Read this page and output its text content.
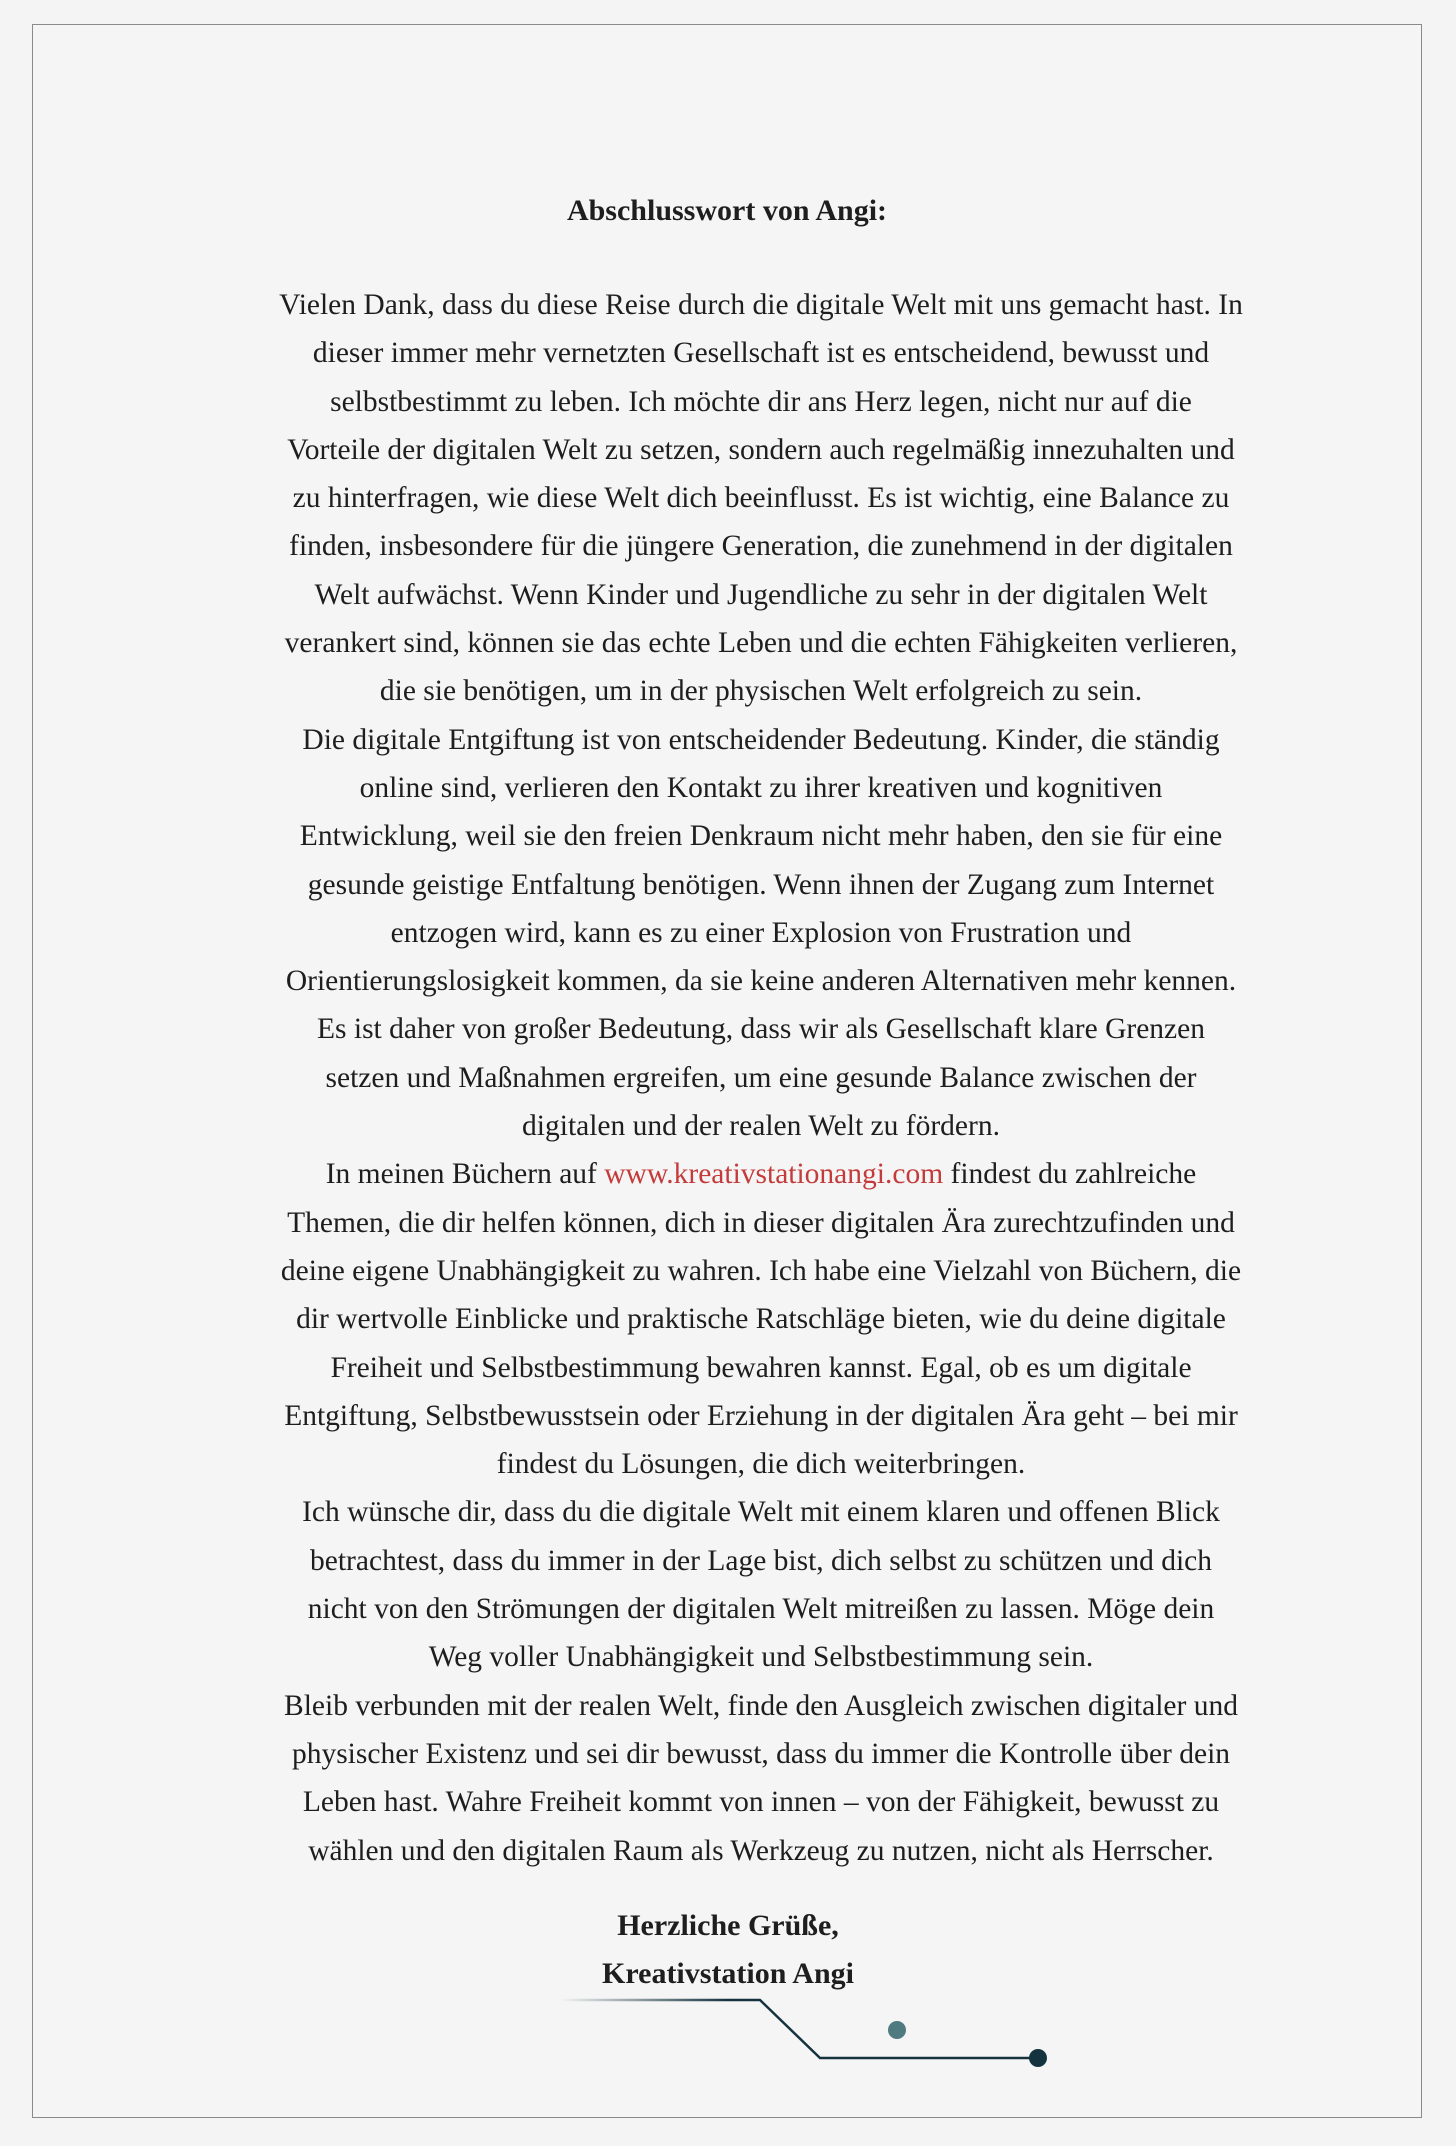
Abschlusswort von Angi:

Vielen Dank, dass du diese Reise durch die digitale Welt mit uns gemacht hast. In
dieser immer mehr vernetzten Gesellschaft ist es entscheidend, bewusst und
selbstbestimmt zu leben. Ich möchte dir ans Herz legen, nicht nur auf die
Vorteile der digitalen Welt zu setzen, sondern auch regelmäßig innezuhalten und
zu hinterfragen, wie diese Welt dich beeinflusst. Es ist wichtig, eine Balance zu
finden, insbesondere für die jüngere Generation, die zunehmend in der digitalen
Welt aufwächst. Wenn Kinder und Jugendliche zu sehr in der digitalen Welt
verankert sind, können sie das echte Leben und die echten Fähigkeiten verlieren,
die sie benötigen, um in der physischen Welt erfolgreich zu sein.

Die digitale Entgiftung ist von entscheidender Bedeutung. Kinder, die ständig
online sind, verlieren den Kontakt zu ihrer kreativen und kognitiven
Entwicklung, weil sie den freien Denkraum nicht mehr haben, den sie für eine
gesunde geistige Entfaltung benötigen. Wenn ihnen der Zugang zum Internet
entzogen wird, kann es zu einer Explosion von Frustration und
Orientierungslosigkeit kommen, da sie keine anderen Alternativen mehr kennen.
Es ist daher von großer Bedeutung, dass wir als Gesellschaft klare Grenzen
setzen und Maßnahmen ergreifen, um eine gesunde Balance zwischen der
digitalen und der realen Welt zu fördern.

In meinen Büchern auf www.kreativstationangi.com findest du zahlreiche
Themen, die dir helfen können, dich in dieser digitalen Ära zurechtzufinden und
deine eigene Unabhängigkeit zu wahren. Ich habe eine Vielzahl von Büchern, die
dir wertvolle Einblicke und praktische Ratschläge bieten, wie du deine digitale
Freiheit und Selbstbestimmung bewahren kannst. Egal, ob es um digitale
Entgiftung, Selbstbewusstsein oder Erziehung in der digitalen Ära geht – bei mir
findest du Lösungen, die dich weiterbringen.

Ich wünsche dir, dass du die digitale Welt mit einem klaren und offenen Blick
betrachtest, dass du immer in der Lage bist, dich selbst zu schützen und dich
nicht von den Strömungen der digitalen Welt mitreißen zu lassen. Möge dein
Weg voller Unabhängigkeit und Selbstbestimmung sein.

Bleib verbunden mit der realen Welt, finde den Ausgleich zwischen digitaler und
physischer Existenz und sei dir bewusst, dass du immer die Kontrolle über dein
Leben hast. Wahre Freiheit kommt von innen – von der Fähigkeit, bewusst zu
wählen und den digitalen Raum als Werkzeug zu nutzen, nicht als Herrscher.

Herzliche Grüße,
Kreativstation Angi
